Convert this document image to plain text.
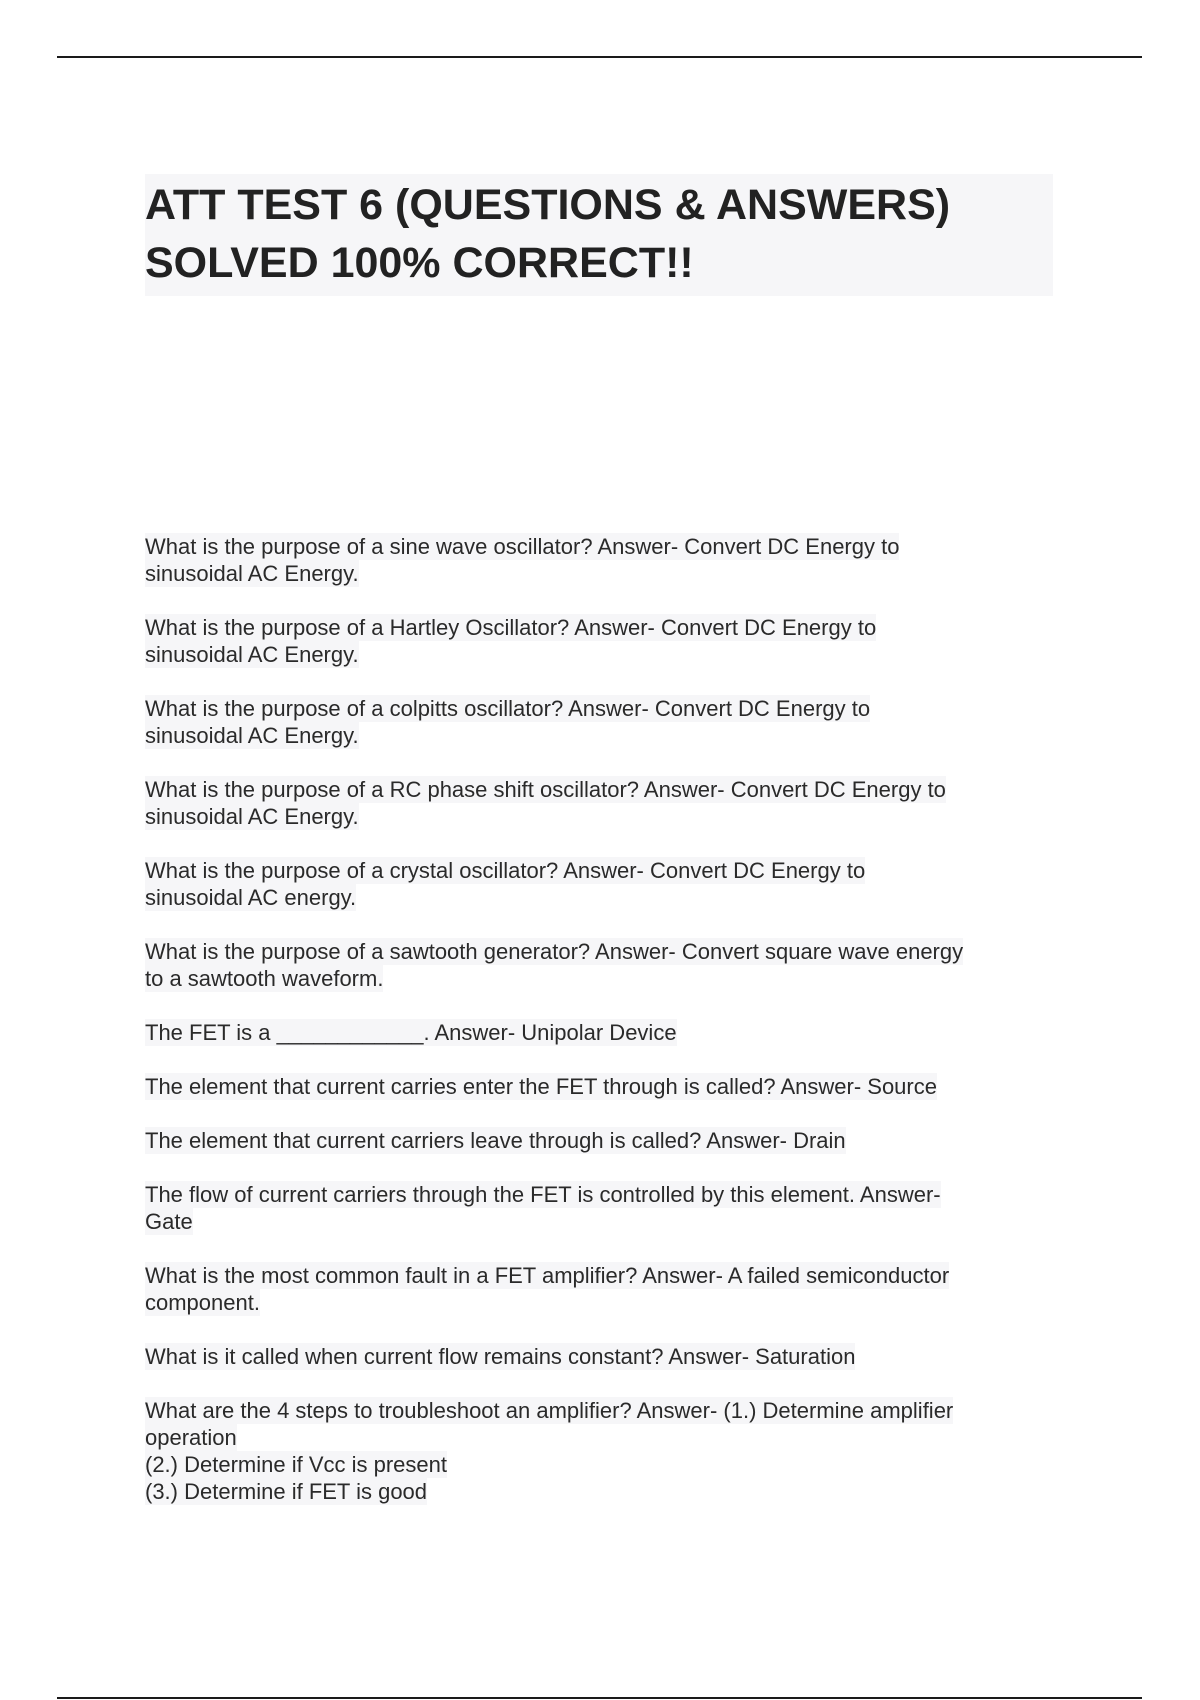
ATT TEST 6 (QUESTIONS & ANSWERS)
SOLVED 100% CORRECT!!
What is the purpose of a sine wave oscillator? Answer- Convert DC Energy to
sinusoidal AC Energy.
What is the purpose of a Hartley Oscillator? Answer- Convert DC Energy to
sinusoidal AC Energy.
What is the purpose of a colpitts oscillator? Answer- Convert DC Energy to
sinusoidal AC Energy.
What is the purpose of a RC phase shift oscillator? Answer- Convert DC Energy to
sinusoidal AC Energy.
What is the purpose of a crystal oscillator? Answer- Convert DC Energy to
sinusoidal AC energy.
What is the purpose of a sawtooth generator? Answer- Convert square wave energy
to a sawtooth waveform.
The FET is a ____________. Answer- Unipolar Device
The element that current carries enter the FET through is called? Answer- Source
The element that current carriers leave through is called? Answer- Drain
The flow of current carriers through the FET is controlled by this element. Answer-
Gate
What is the most common fault in a FET amplifier? Answer- A failed semiconductor
component.
What is it called when current flow remains constant? Answer- Saturation
What are the 4 steps to troubleshoot an amplifier? Answer- (1.) Determine amplifier
operation
(2.) Determine if Vcc is present
(3.) Determine if FET is good
